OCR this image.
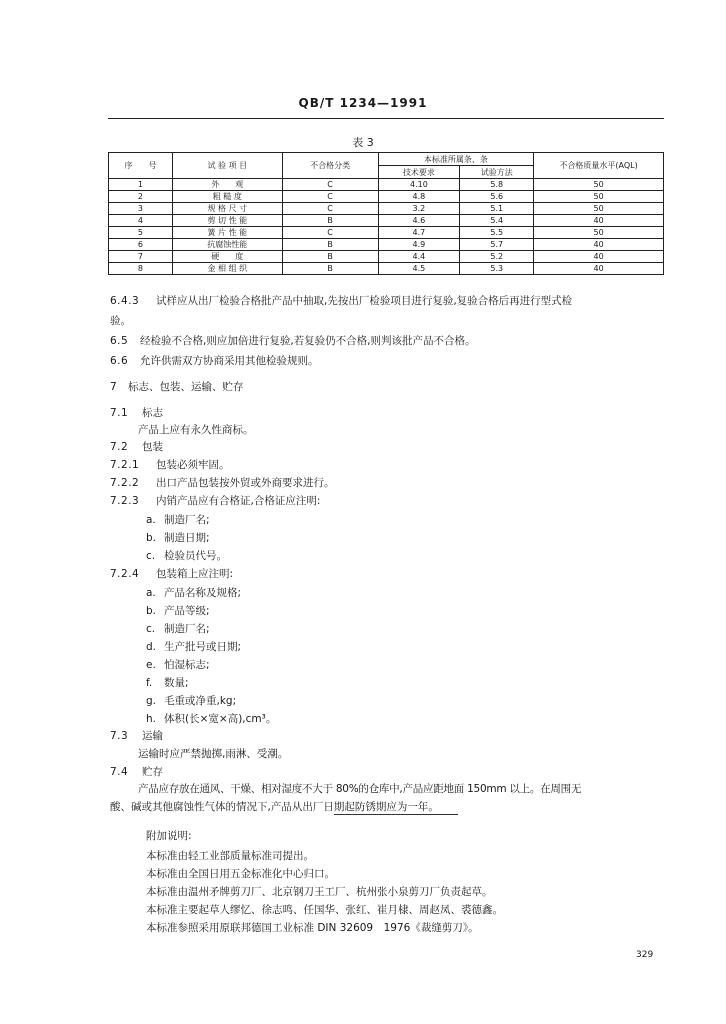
QB/T 1234—1991
表 3
序　　号	试 验 项 目	不合格分类	本标准所属条、条		不合格质量水平(AQL)
			技术要求	试验方法	
1	外　　观	C	4.10	5.8	50
2	粗 糙 度	C	4.8	5.6	50
3	规 格 尺 寸	C	3.2	5.1	50
4	剪 切 性 能	B	4.6	5.4	40
5	簧 片 性 能	C	4.7	5.5	50
6	抗腐蚀性能	B	4.9	5.7	40
7	硬　　度	B	4.4	5.2	40
8	金 相 组 织	B	4.5	5.3	40
6.4.3 试样应从出厂检验合格批产品中抽取,先按出厂检验项目进行复验,复验合格后再进行型式检
验。
6.5 经检验不合格,则应加倍进行复验,若复验仍不合格,则判该批产品不合格。
6.6 允许供需双方协商采用其他检验规则。
7 标志、包装、运输、贮存
7.1 标志
产品上应有永久性商标。
7.2 包装
7.2.1 包装必须牢固。
7.2.2 出口产品包装按外贸或外商要求进行。
7.2.3 内销产品应有合格证,合格证应注明:
a. 制造厂名;
b. 制造日期;
c. 检验员代号。
7.2.4 包装箱上应注明:
a. 产品名称及规格;
b. 产品等级;
c. 制造厂名;
d. 生产批号或日期;
e. 怕湿标志;
f. 数量;
g. 毛重或净重,kg;
h. 体积(长×宽×高),cm³。
7.3 运输
运输时应严禁抛掷,雨淋、受潮。
7.4 贮存
产品应存放在通风、干燥、相对湿度不大于 80%的仓库中,产品应距地面 150mm 以上。在周围无
酸、碱或其他腐蚀性气体的情况下,产品从出厂日期起防锈期应为一年。
附加说明:
本标准由轻工业部质量标准司提出。
本标准由全国日用五金标准化中心归口。
本标准由温州矛牌剪刀厂、北京钢刀王工厂、杭州张小泉剪刀厂负责起草。
本标准主要起草人缪忆、徐志鸣、任国华、张红、崔月棣、周赵凤、裘德鑫。
本标准参照采用原联邦德国工业标准 DIN 32609　1976《裁缝剪刀》。
329
